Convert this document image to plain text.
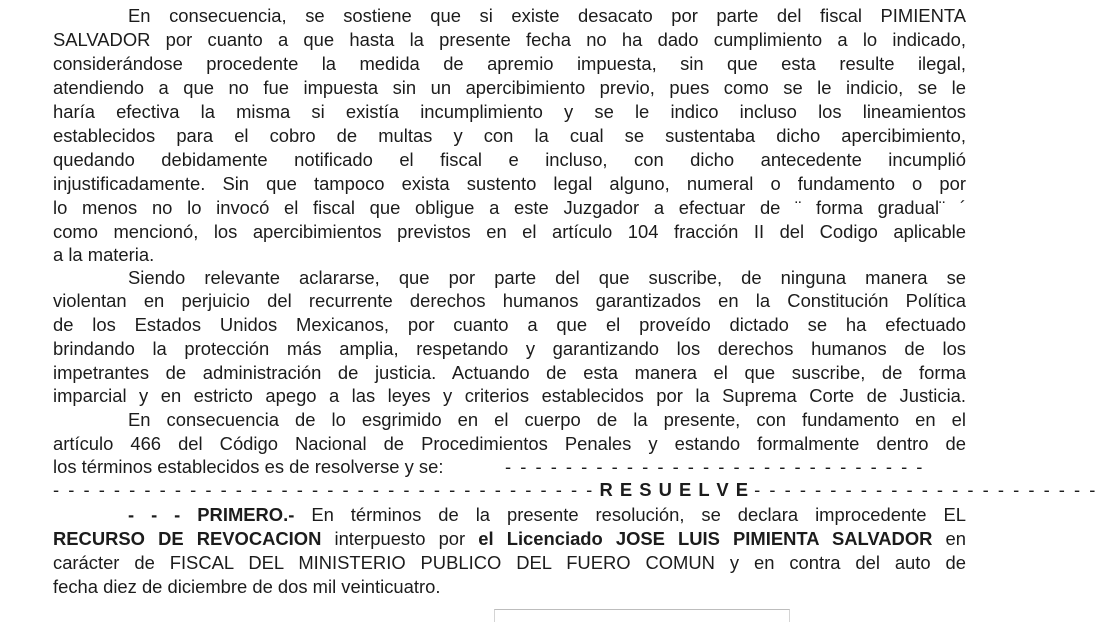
En consecuencia, se sostiene que si existe desacato por parte del fiscal PIMIENTA
SALVADOR por cuanto a que hasta la presente fecha no ha dado cumplimiento a lo indicado,
considerándose procedente la medida de apremio impuesta, sin que esta resulte ilegal,
atendiendo a que no fue impuesta sin un apercibimiento previo, pues como se le indicio, se le
haría efectiva la misma si existía incumplimiento y se le indico incluso los lineamientos
establecidos para el cobro de multas y con la cual se sustentaba dicho apercibimiento,
quedando debidamente notificado el fiscal e incluso, con dicho antecedente incumplió
injustificadamente. Sin que tampoco exista sustento legal alguno, numeral o fundamento o por
lo menos no lo invocó el fiscal que obligue a este Juzgador a efectuar de ¨ forma gradual¨ ´
como mencionó, los apercibimientos previstos en el artículo 104 fracción II del Codigo aplicable
a la materia.
Siendo relevante aclararse, que por parte del que suscribe, de ninguna manera se
violentan en perjuicio del recurrente derechos humanos garantizados en la Constitución Política
de los Estados Unidos Mexicanos, por cuanto a que el proveído dictado se ha efectuado
brindando la protección más amplia, respetando y garantizando los derechos humanos de los
impetrantes de administración de justicia. Actuando de esta manera el que suscribe, de forma
imparcial y en estricto apego a las leyes y criterios establecidos por la Suprema Corte de Justicia.
En consecuencia de lo esgrimido en el cuerpo de la presente, con fundamento en el
artículo 466 del Código Nacional de Procedimientos Penales y estando formalmente dentro de
los términos establecidos es de resolverse y se:	- - - - - - - - - - - - - - - - - - - - - - - - - - - -
- - - - - - - - - - - - - - - - - - - - - - - - - - - - - - - - - - - - R E S U E L V E - - - - - - - - - - - - - - - - - - - - - - -
- - - PRIMERO.- En términos de la presente resolución, se declara improcedente EL
RECURSO DE REVOCACION interpuesto por el Licenciado JOSE LUIS PIMIENTA SALVADOR en
carácter de FISCAL DEL MINISTERIO PUBLICO DEL FUERO COMUN y en contra del auto de
fecha diez de diciembre de dos mil veinticuatro.
